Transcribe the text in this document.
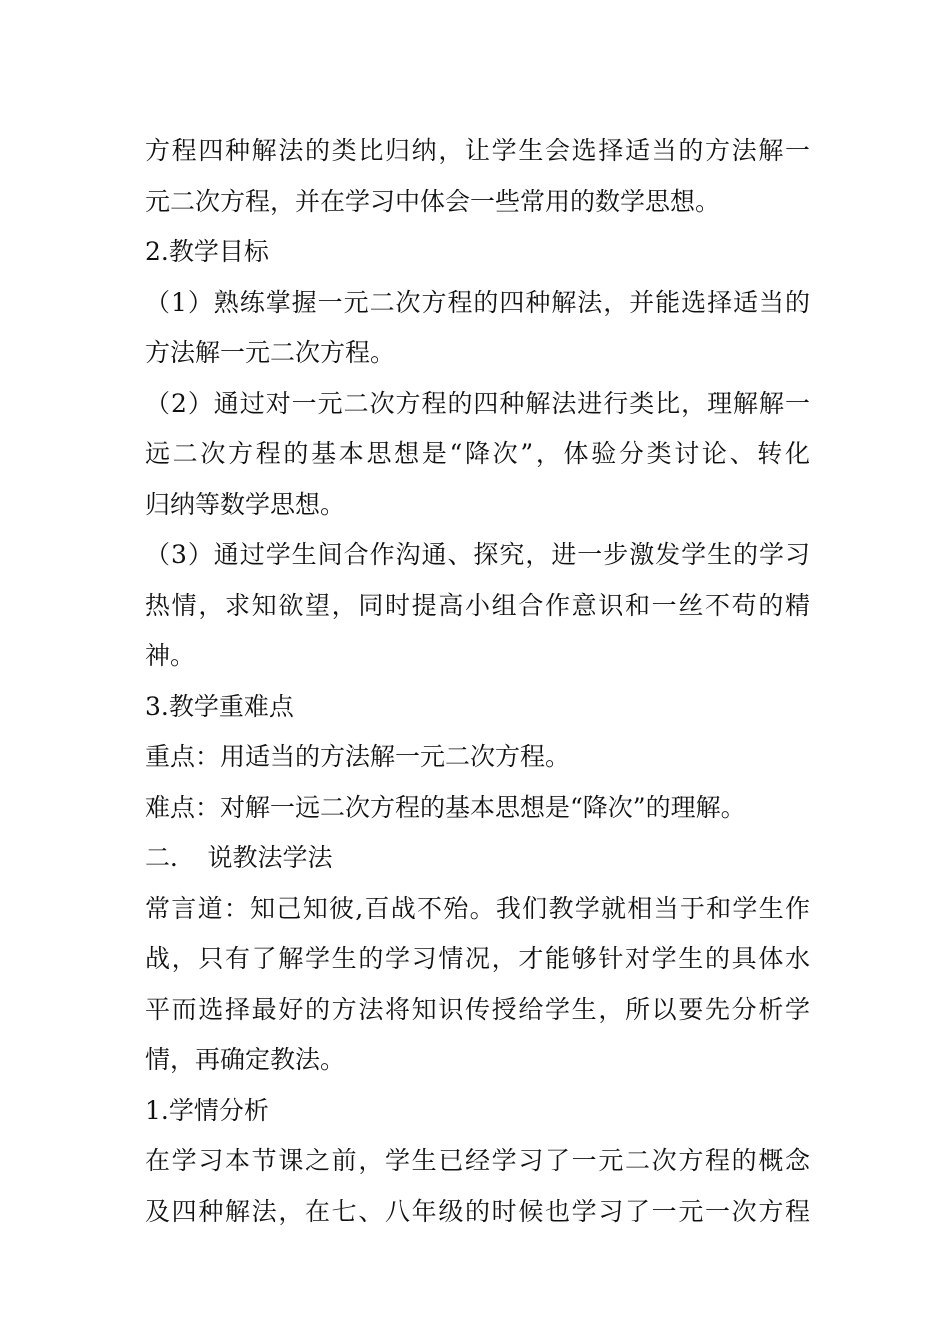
方程四种解法的类比归纳，让学生会选择适当的方法解一
元二次方程，并在学习中体会一些常用的数学思想。
2.教学目标
（1）熟练掌握一元二次方程的四种解法，并能选择适当的
方法解一元二次方程。
（2）通过对一元二次方程的四种解法进行类比，理解解一
远二次方程的基本思想是“降次”，体验分类讨论、转化
归纳等数学思想。
（3）通过学生间合作沟通、探究，进一步激发学生的学习
热情，求知欲望，同时提高小组合作意识和一丝不苟的精
神。
3.教学重难点
重点：用适当的方法解一元二次方程。
难点：对解一远二次方程的基本思想是“降次”的理解。
二．　说教法学法
常言道：知己知彼,百战不殆。我们教学就相当于和学生作
战，只有了解学生的学习情况，才能够针对学生的具体水
平而选择最好的方法将知识传授给学生，所以要先分析学
情，再确定教法。
1.学情分析
在学习本节课之前，学生已经学习了一元二次方程的概念
及四种解法，在七、八年级的时候也学习了一元一次方程
